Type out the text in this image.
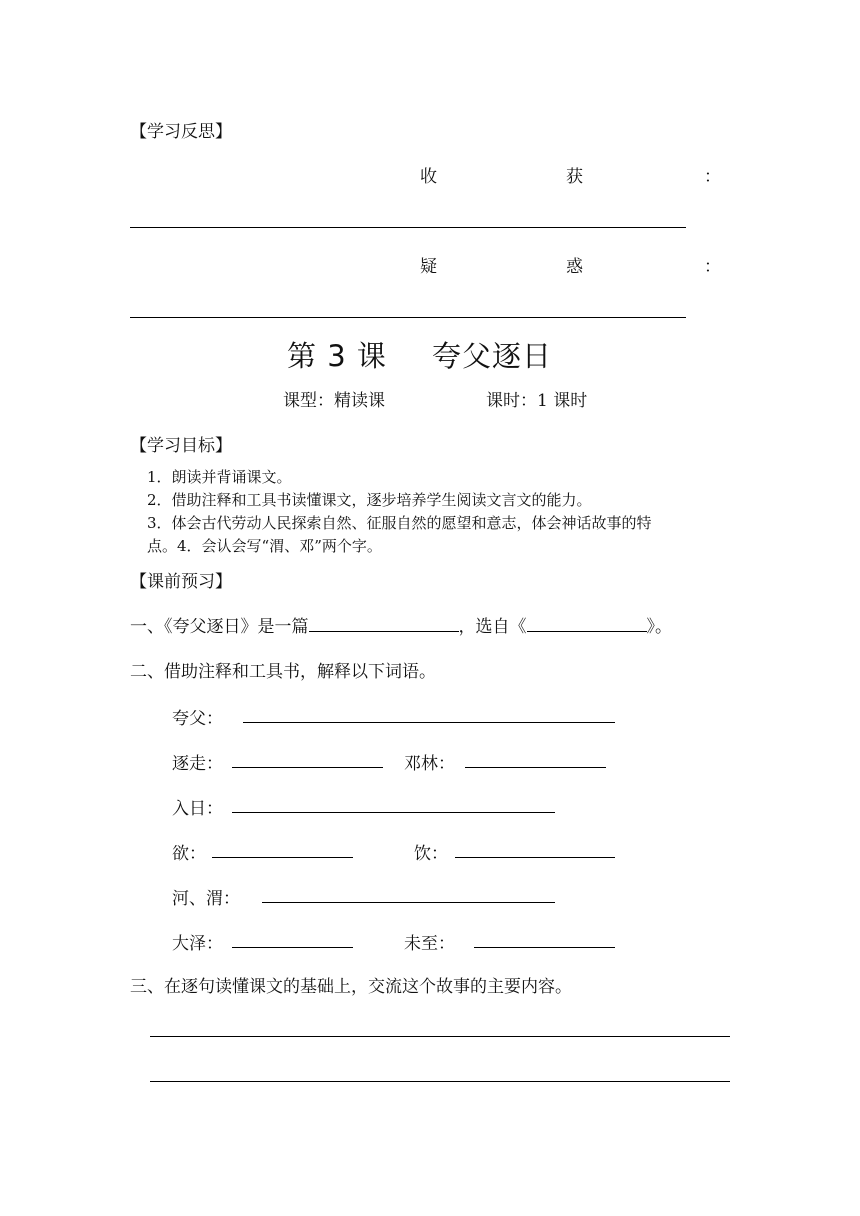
【学习反思】
收	获	：
疑	惑	：
第 3 课 夸父逐日
课型：精读课	课时：1 课时
【学习目标】
1．朗读并背诵课文。
2．借助注释和工具书读懂课文，逐步培养学生阅读文言文的能力。
3．体会古代劳动人民探索自然、征服自然的愿望和意志，体会神话故事的特
点。4．会认会写“渭、邓”两个字。
【课前预习】
一、《夸父逐日》是一篇	，选自《	》。
二、借助注释和工具书，解释以下词语。
夸父：
逐走：	邓林：
入日：
欲：	饮：
河、渭：
大泽：	未至：
三、在逐句读懂课文的基础上，交流这个故事的主要内容。
